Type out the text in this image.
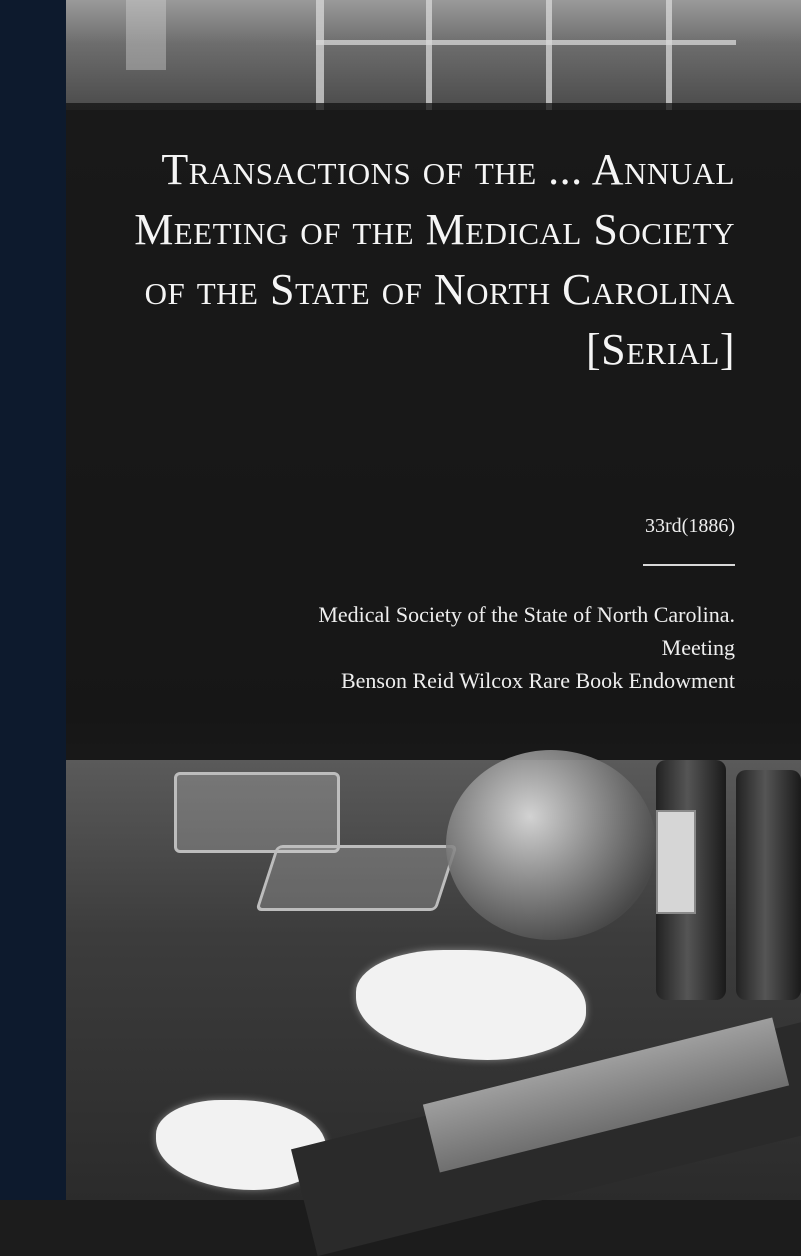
Transactions of the ... Annual Meeting of the Medical Society of the State of North Carolina [Serial]
33rd(1886)
Medical Society of the State of North Carolina.
Meeting
Benson Reid Wilcox Rare Book Endowment
